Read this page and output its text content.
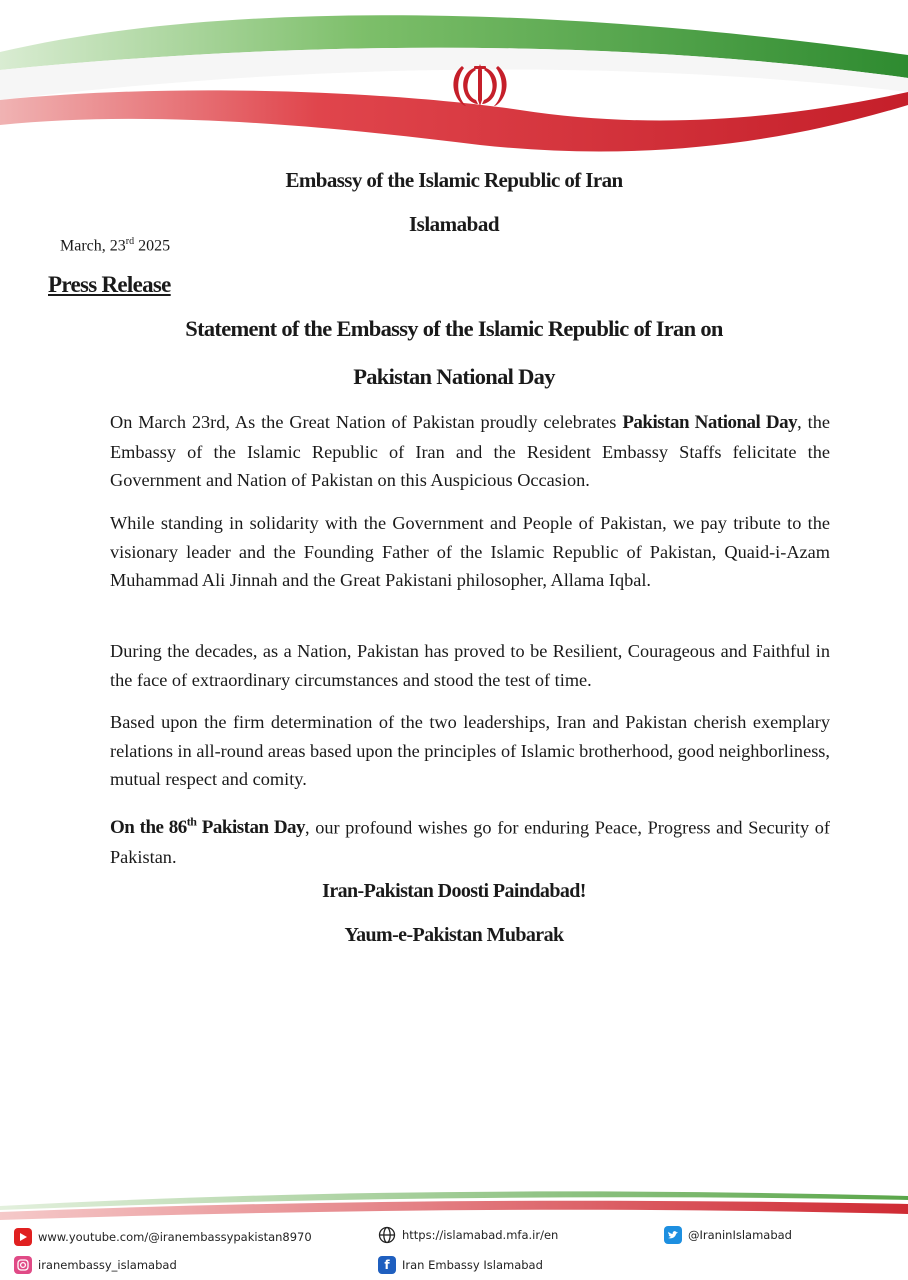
Embassy of the Islamic Republic of Iran
Islamabad
March, 23rd 2025
Press Release
Statement of the Embassy of the Islamic Republic of Iran on
Pakistan National Day
On March 23rd, As the Great Nation of Pakistan proudly celebrates Pakistan National Day, the Embassy of the Islamic Republic of Iran and the Resident Embassy Staffs felicitate the Government and Nation of Pakistan on this Auspicious Occasion.
While standing in solidarity with the Government and People of Pakistan, we pay tribute to the visionary leader and the Founding Father of the Islamic Republic of Pakistan, Quaid-i-Azam Muhammad Ali Jinnah and the Great Pakistani philosopher, Allama Iqbal.
During the decades, as a Nation, Pakistan has proved to be Resilient, Courageous and Faithful in the face of extraordinary circumstances and stood the test of time.
Based upon the firm determination of the two leaderships, Iran and Pakistan cherish exemplary relations in all-round areas based upon the principles of Islamic brotherhood, good neighborliness, mutual respect and comity.
On the 86th Pakistan Day, our profound wishes go for enduring Peace, Progress and Security of Pakistan.
Iran-Pakistan Doosti Paindabad!
Yaum-e-Pakistan Mubarak
www.youtube.com/@iranembassypakistan8970	https://islamabad.mfa.ir/en	@IraninIslamabad
iranembassy_islamabad	f Iran Embassy Islamabad
